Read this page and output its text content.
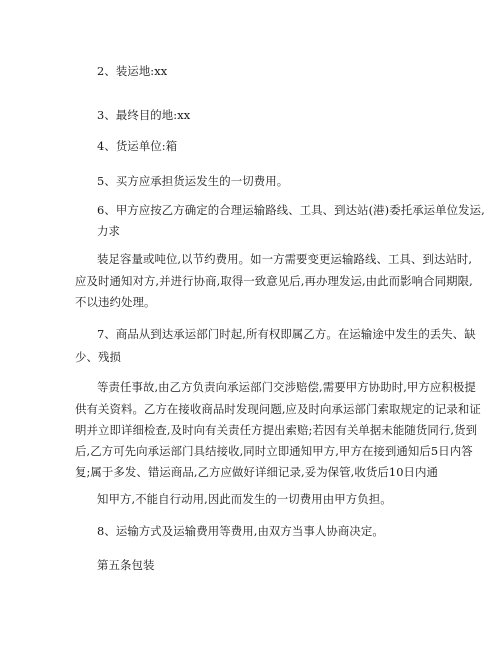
2、装运地:xx

3、最终目的地:xx

4、货运单位:箱

5、买方应承担货运发生的一切费用。

6、甲方应按乙方确定的合理运输路线、工具、到达站(港)委托承运单位发运,

力求

装足容量或吨位,以节约费用。如一方需要变更运输路线、工具、到达站时,

应及时通知对方,并进行协商,取得一致意见后,再办理发运,由此而影响合同期限,

不以违约处理。

7、商品从到达承运部门时起,所有权即属乙方。在运输途中发生的丢失、缺

少、残损

等责任事故,由乙方负责向承运部门交涉赔偿,需要甲方协助时,甲方应积极提

供有关资料。乙方在接收商品时发现问题,应及时向承运部门索取规定的记录和证

明并立即详细检查,及时向有关责任方提出索赔;若因有关单据未能随货同行,货到

后,乙方可先向承运部门具结接收,同时立即通知甲方,甲方在接到通知后5日内答

复;属于多发、错运商品,乙方应做好详细记录,妥为保管,收货后10日内通

知甲方,不能自行动用,因此而发生的一切费用由甲方负担。

8、运输方式及运输费用等费用,由双方当事人协商决定。

第五条包装
